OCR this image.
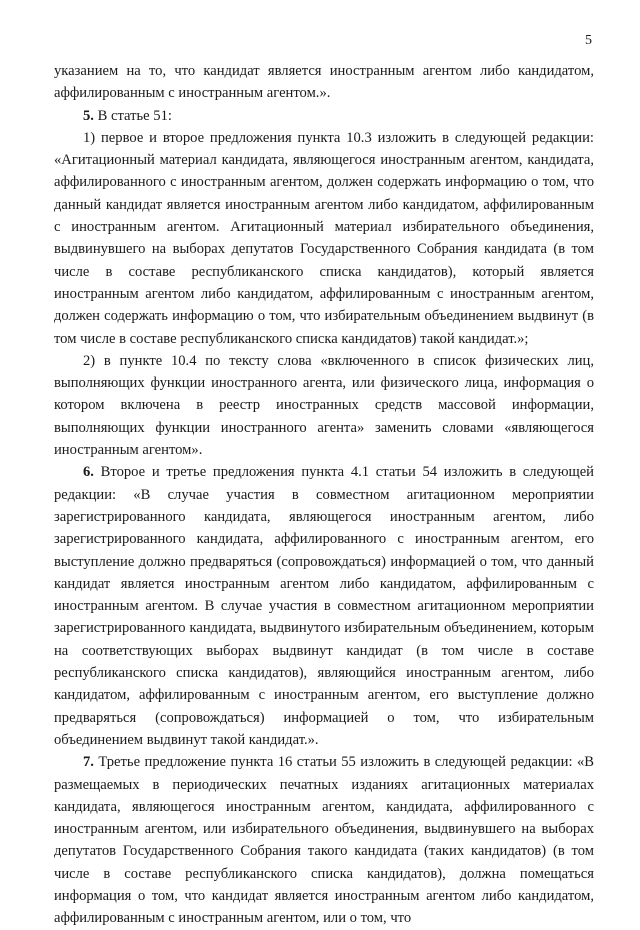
5

указанием на то, что кандидат является иностранным агентом либо кандидатом, аффилированным с иностранным агентом.».

5. В статье 51:

1) первое и второе предложения пункта 10.3 изложить в следующей редакции: «Агитационный материал кандидата, являющегося иностранным агентом, кандидата, аффилированного с иностранным агентом, должен содержать информацию о том, что данный кандидат является иностранным агентом либо кандидатом, аффилированным с иностранным агентом. Агитационный материал избирательного объединения, выдвинувшего на выборах депутатов Государственного Собрания кандидата (в том числе в составе республиканского списка кандидатов), который является иностранным агентом либо кандидатом, аффилированным с иностранным агентом, должен содержать информацию о том, что избирательным объединением выдвинут (в том числе в составе республиканского списка кандидатов) такой кандидат.»;

2) в пункте 10.4 по тексту слова «включенного в список физических лиц, выполняющих функции иностранного агента, или физического лица, информация о котором включена в реестр иностранных средств массовой информации, выполняющих функции иностранного агента» заменить словами «являющегося иностранным агентом».

6. Второе и третье предложения пункта 4.1 статьи 54 изложить в следующей редакции: «В случае участия в совместном агитационном мероприятии зарегистрированного кандидата, являющегося иностранным агентом, либо зарегистрированного кандидата, аффилированного с иностранным агентом, его выступление должно предваряться (сопровождаться) информацией о том, что данный кандидат является иностранным агентом либо кандидатом, аффилированным с иностранным агентом. В случае участия в совместном агитационном мероприятии зарегистрированного кандидата, выдвинутого избирательным объединением, которым на соответствующих выборах выдвинут кандидат (в том числе в составе республиканского списка кандидатов), являющийся иностранным агентом, либо кандидатом, аффилированным с иностранным агентом, его выступление должно предваряться (сопровождаться) информацией о том, что избирательным объединением выдвинут такой кандидат.».

7. Третье предложение пункта 16 статьи 55 изложить в следующей редакции: «В размещаемых в периодических печатных изданиях агитационных материалах кандидата, являющегося иностранным агентом, кандидата, аффилированного с иностранным агентом, или избирательного объединения, выдвинувшего на выборах депутатов Государственного Собрания такого кандидата (таких кандидатов) (в том числе в составе республиканского списка кандидатов), должна помещаться информация о том, что кандидат является иностранным агентом либо кандидатом, аффилированным с иностранным агентом, или о том, что
